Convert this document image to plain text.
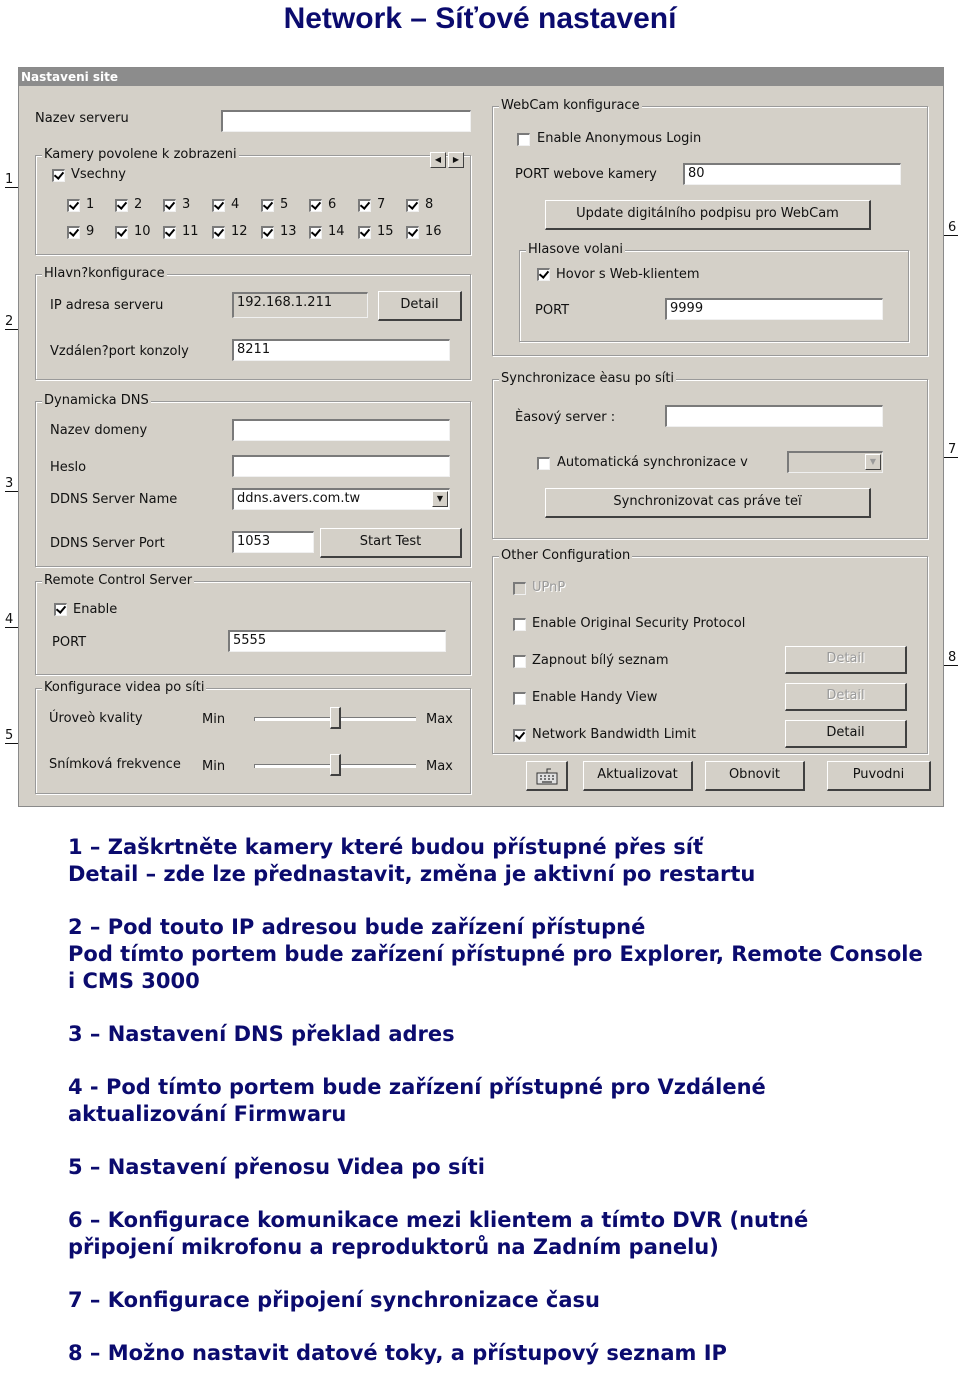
Network – Síťové nastavení
1
2
3
4
5
6
7
8
Nastaveni site
Nazev serveru
Kamery povolene k zobrazeni	◀	▶
Vsechny
1	2	3	4	5	6	7	8
9	10 11 12 13 14 15 16
Hlavn?konfigurace
IP adresa serveru	192.168.1.211	Detail
Vzdálen?port konzoly	8211
Dynamicka DNS
Nazev domeny
Heslo
DDNS Server Name	ddns.avers.com.tw	▼
DDNS Server Port	1053	Start Test
Remote Control Server
Enable
PORT	5555
Konfigurace videa po síti
Úroveò kvality	Min	Max
Snímková frekvence Min	Max
WebCam konfigurace
Enable Anonymous Login
PORT webove kamery	80
Update digitálního podpisu pro WebCam
Hlasove volani
Hovor s Web-klientem
PORT	9999
Synchronizace èasu po síti
Èasový server :
Automatická synchronizace v	▼
Synchronizovat cas práve teï
Other Configuration
UPnP
Enable Original Security Protocol
Zapnout bílý seznam	Detail
Enable Handy View	Detail
Network Bandwidth Limit	Detail
Aktualizovat	Obnovit	Puvodni
1 – Zaškrtněte kamery které budou přístupné přes síť
Detail – zde lze přednastavit, změna je aktivní po restartu
2 – Pod touto IP adresou bude zařízení přístupné
Pod tímto portem bude zařízení přístupné pro Explorer, Remote Console
i CMS 3000
3 – Nastavení DNS překlad adres
4 - Pod tímto portem bude zařízení přístupné pro Vzdálené
aktualizování Firmwaru
5 – Nastavení přenosu Videa po síti
6 – Konfigurace komunikace mezi klientem a tímto DVR (nutné
připojení mikrofonu a reproduktorů na Zadním panelu)
7 – Konfigurace připojení synchronizace času
8 – Možno nastavit datové toky, a přístupový seznam IP
